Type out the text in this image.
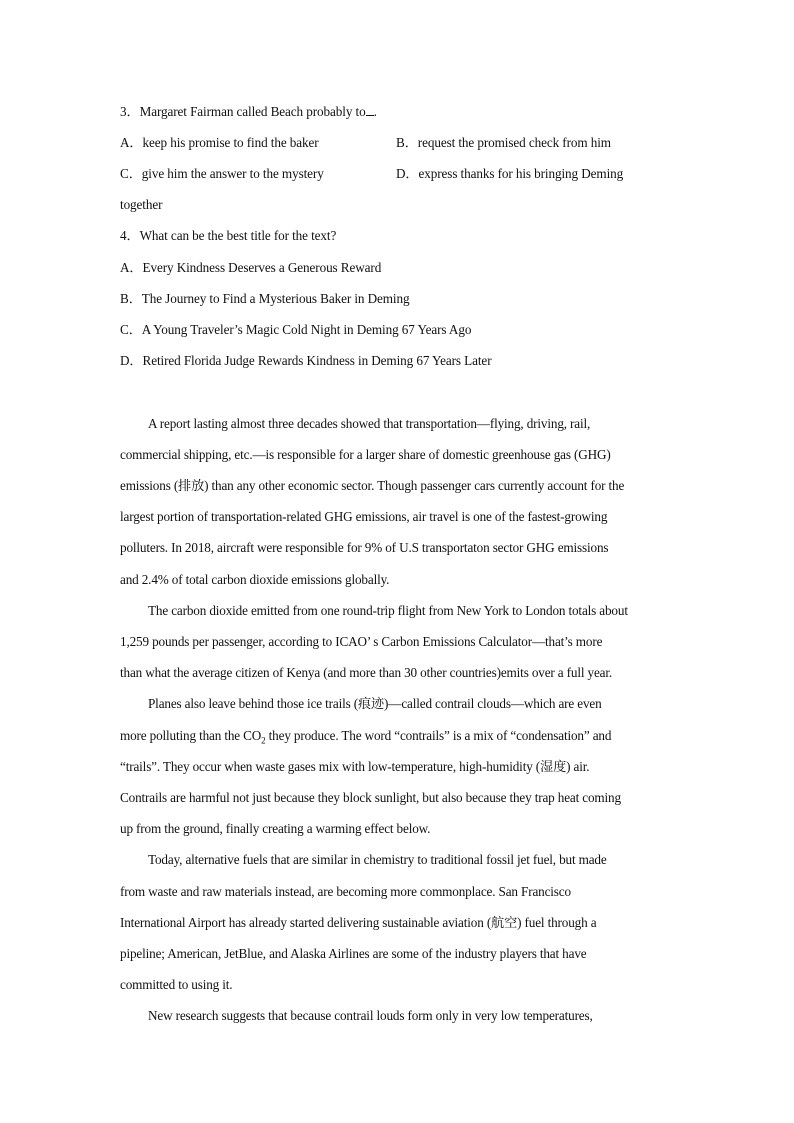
3．Margaret Fairman called Beach probably to .
A．keep his promise to find the baker	B．request the promised check from him
C．give him the answer to the mystery	D．express thanks for his bringing Deming
together
4．What can be the best title for the text?
A．Every Kindness Deserves a Generous Reward
B．The Journey to Find a Mysterious Baker in Deming
C．A Young Traveler’s Magic Cold Night in Deming 67 Years Ago
D．Retired Florida Judge Rewards Kindness in Deming 67 Years Later
A report lasting almost three decades showed that transportation—flying, driving, rail,
commercial shipping, etc.—is responsible for a larger share of domestic greenhouse gas (GHG)
emissions (排放) than any other economic sector. Though passenger cars currently account for the
largest portion of transportation-related GHG emissions, air travel is one of the fastest-growing
polluters. In 2018, aircraft were responsible for 9% of U.S transportaton sector GHG emissions
and 2.4% of total carbon dioxide emissions globally.
The carbon dioxide emitted from one round-trip flight from New York to London totals about
1,259 pounds per passenger, according to ICAO’ s Carbon Emissions Calculator—that’s more
than what the average citizen of Kenya (and more than 30 other countries)emits over a full year.
Planes also leave behind those ice trails (痕迹)—called contrail clouds—which are even
more polluting than the $CO_2$ they produce. The word “contrails” is a mix of “condensation” and
“trails”. They occur when waste gases mix with low-temperature, high-humidity (湿度) air.
Contrails are harmful not just because they block sunlight, but also because they trap heat coming
up from the ground, finally creating a warming effect below.
Today, alternative fuels that are similar in chemistry to traditional fossil jet fuel, but made
from waste and raw materials instead, are becoming more commonplace. San Francisco
International Airport has already started delivering sustainable aviation (航空) fuel through a
pipeline; American, JetBlue, and Alaska Airlines are some of the industry players that have
committed to using it.
New research suggests that because contrail louds form only in very low temperatures,
